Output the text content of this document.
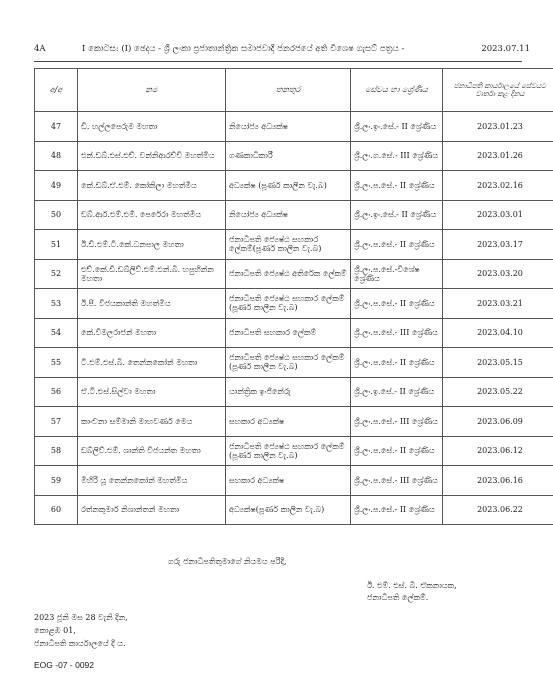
4A	I කොටස: (I) ඡෙදය - ශ්‍රී ලංකා ප්‍රජාතාන්ත්‍රික සමාජවාදී ජනරජයේ අති විශෙෂ ගැසට් පත්‍රය -	2023.07.11
අ/අ	නම	තනතුර	සේවය හා ශ්‍රේණිය	ජනාධිපති කාර්යාලයේ සේවයට වාර්තා කළ දිනය
47	ඩී. හල්ලපෙරුම මහතා	නියෝජ්‍ය අධ්‍යක්ෂ	ශ්‍රී.ලං.ඉං.සේ.- II ශ්‍රේණිය	2023.01.23
48	එන්.ඩබ්.එස්.එච්. වන්නිආරච්චි මහත්මිය	ගණකාධිකාරී	ශ්‍රී.ලං.ග.සේ.- III ශ්‍රේණිය	2023.01.26
49	කේ.ඩබ්.ඒ.එම්. කෝකිලා මහත්මිය	අධ්‍යක්ෂ (පූර්ණ කාලීන වැ.බ)	ශ්‍රී.ලං.ප.සේ.- II ශ්‍රේණිය	2023.02.16
50	ඩබ්.ආර්.එම්.එම්. පෙරේරා මහත්මිය	නියෝජ්‍ය අධ්‍යක්ෂ	ශ්‍රී.ලං.ඉං.සේ.- II ශ්‍රේණිය	2023.03.01
51	ඊ.ඩී.එම්.ටී.කේ.ධනපාල මහතා	ජනාධිපති ජ්‍යෙෂ්ඨ සහකාර ලේකම්(පූර්ණ කාලීන වැ.බ)	ශ්‍රී.ලං.ප.සේ.- II ශ්‍රේණිය	2023.03.17
52	එච්.කේ.ඩී.ඩබ්ලිව්.එම්.එන්.බී. හපුහින්න මහතා	ජනාධිපති ජ්‍යෙෂ්ඨ අතිරේක ලේකම්	ශ්‍රී.ලං.ප.සේ.-විශේෂ ශ්‍රේණිය	2023.03.20
53	ඊ.පී. විජයකාන්ති මහත්මිය	ජනාධිපති ජ්‍යෙෂ්ඨ සහකාර ලේකම් (පූර්ණ කාලීන වැ.බ)	ශ්‍රී.ලං.ප.සේ.- II ශ්‍රේණිය	2023.03.21
54	කේ.විමලරාජන් මහතා	ජනාධිපති සහකාර ලේකම්	ශ්‍රී.ලං.ප.සේ.- III ශ්‍රේණිය	2023.04.10
55	ටී.එම්.එස්.බී. තෙන්නකෝන් මහතා	ජනාධිපති ජ්‍යෙෂ්ඨ සහකාර ලේකම් (පූර්ණ කාලීන වැ.බ)	ශ්‍රී.ලං.ප.සේ.- II ශ්‍රේණිය	2023.05.15
56	ඒ.ටී.එස්.සිල්වා මහතා	යාන්ත්‍රික ඉංජිනේරු	ශ්‍රී.ලං.ඉ.සේ.- II ශ්‍රේණිය	2023.05.22
57	කාංචනා සම්මානි මාහවර්ණ මෙය	සහකාර අධ්‍යක්ෂ	ශ්‍රී.ලං.ප.සේ.- III ශ්‍රේණිය	2023.06.09
58	ඩබ්ලිව්.එම්. ශාන්ති විජයන්ත මහතා	ජනාධිපති ජ්‍යෙෂ්ඨ සහකාර ලේකම් (පූර්ණ කාලීන වැ.බ)	ශ්‍රී.ලං.ප.සේ.- II ශ්‍රේණිය	2023.06.12
59	මිහිරි යූ තෙන්නකෝන් මහත්මිය	සහකාර අධ්‍යක්ෂ	ශ්‍රී.ලං.ප.සේ.- III ශ්‍රේණිය	2023.06.16
60	රත්නකුමාර් නිශාන්තන් මහතා	අධ්‍යක්ෂ(පූර්ණ කාලීන වැ.බ)	ශ්‍රී.ලං.ප.සේ.- II ශ්‍රේණිය	2023.06.22
ගරු ජනාධිපතිතුමාගේ නියමය පරිදි,
ඊ. එම්. එස්. බී. ඒකනායක,
ජනාධිපති ලේකම්.
2023 ජූනි මස 28 වැනි දින,
කොළඹ 01,
ජනාධිපති කාර්යාලයේ දී ය.
EOG -07 - 0092
